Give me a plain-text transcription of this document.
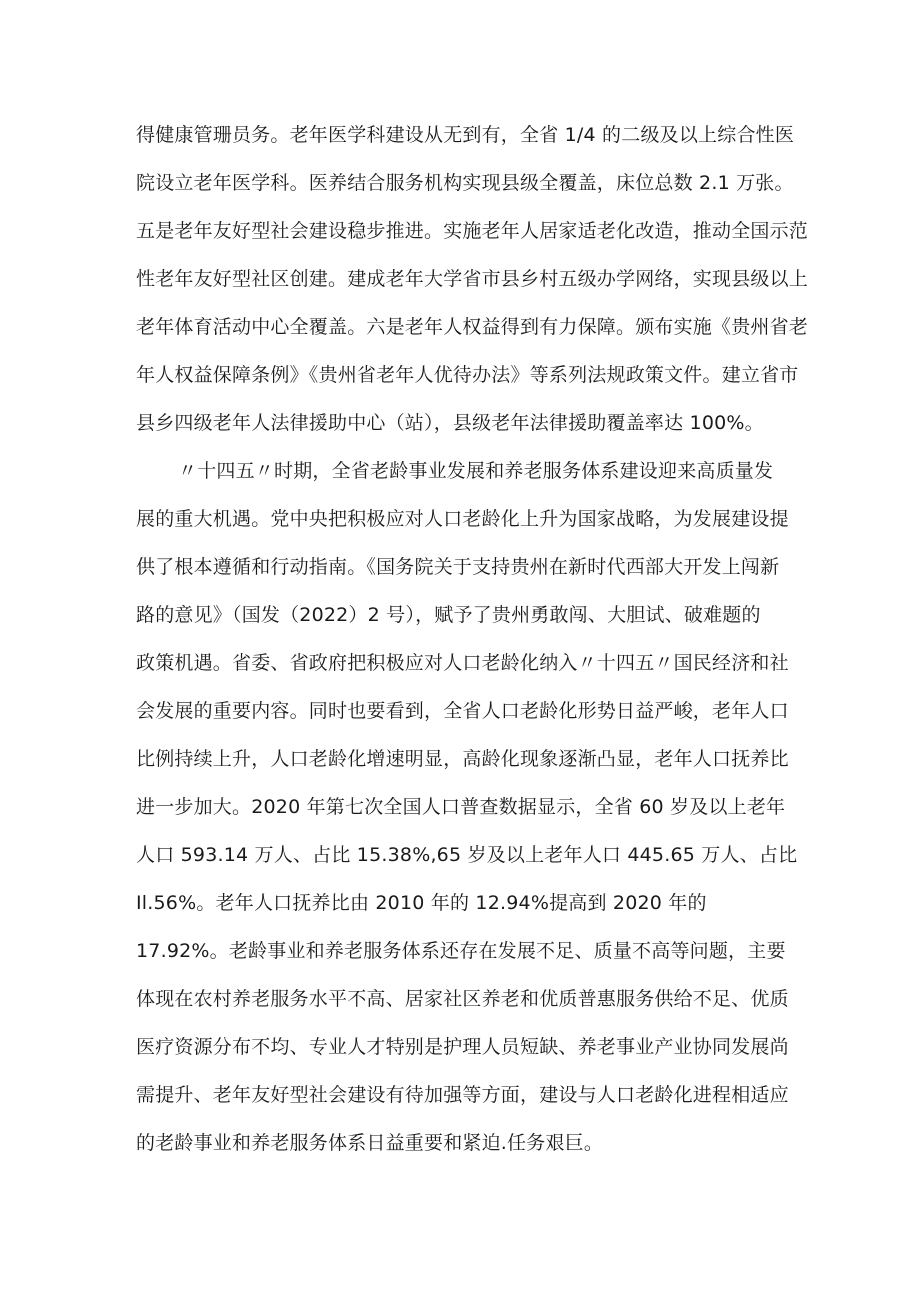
得健康管珊员务。老年医学科建设从无到有，全省 1/4 的二级及以上综合性医

院设立老年医学科。医养结合服务机构实现县级全覆盖，床位总数 2.1 万张。

五是老年友好型社会建设稳步推进。实施老年人居家适老化改造，推动全国示范

性老年友好型社区创建。建成老年大学省市县乡村五级办学网络，实现县级以上

老年体育活动中心全覆盖。六是老年人权益得到有力保障。颁布实施《贵州省老

年人权益保障条例》《贵州省老年人优待办法》等系列法规政策文件。建立省市

县乡四级老年人法律援助中心（站），县级老年法律援助覆盖率达 100%。

〃十四五〃时期，全省老龄事业发展和养老服务体系建设迎来高质量发

展的重大机遇。党中央把积极应对人口老龄化上升为国家战略，为发展建设提

供了根本遵循和行动指南。《国务院关于支持贵州在新时代西部大开发上闯新

路的意见》（国发（2022）2 号），赋予了贵州勇敢闯、大胆试、破难题的

政策机遇。省委、省政府把积极应对人口老龄化纳入〃十四五〃国民经济和社

会发展的重要内容。同时也要看到，全省人口老龄化形势日益严峻，老年人口

比例持续上升，人口老龄化增速明显，高龄化现象逐渐凸显，老年人口抚养比

进一步加大。2020 年第七次全国人口普查数据显示，全省 60 岁及以上老年

人口 593.14 万人、占比 15.38%,65 岁及以上老年人口 445.65 万人、占比

Il.56%。老年人口抚养比由 2010 年的 12.94%提高到 2020 年的

17.92%。老龄事业和养老服务体系还存在发展不足、质量不高等问题，主要

体现在农村养老服务水平不高、居家社区养老和优质普惠服务供给不足、优质

医疗资源分布不均、专业人才特别是护理人员短缺、养老事业产业协同发展尚

需提升、老年友好型社会建设有待加强等方面，建设与人口老龄化进程相适应

的老龄事业和养老服务体系日益重要和紧迫.任务艰巨。
